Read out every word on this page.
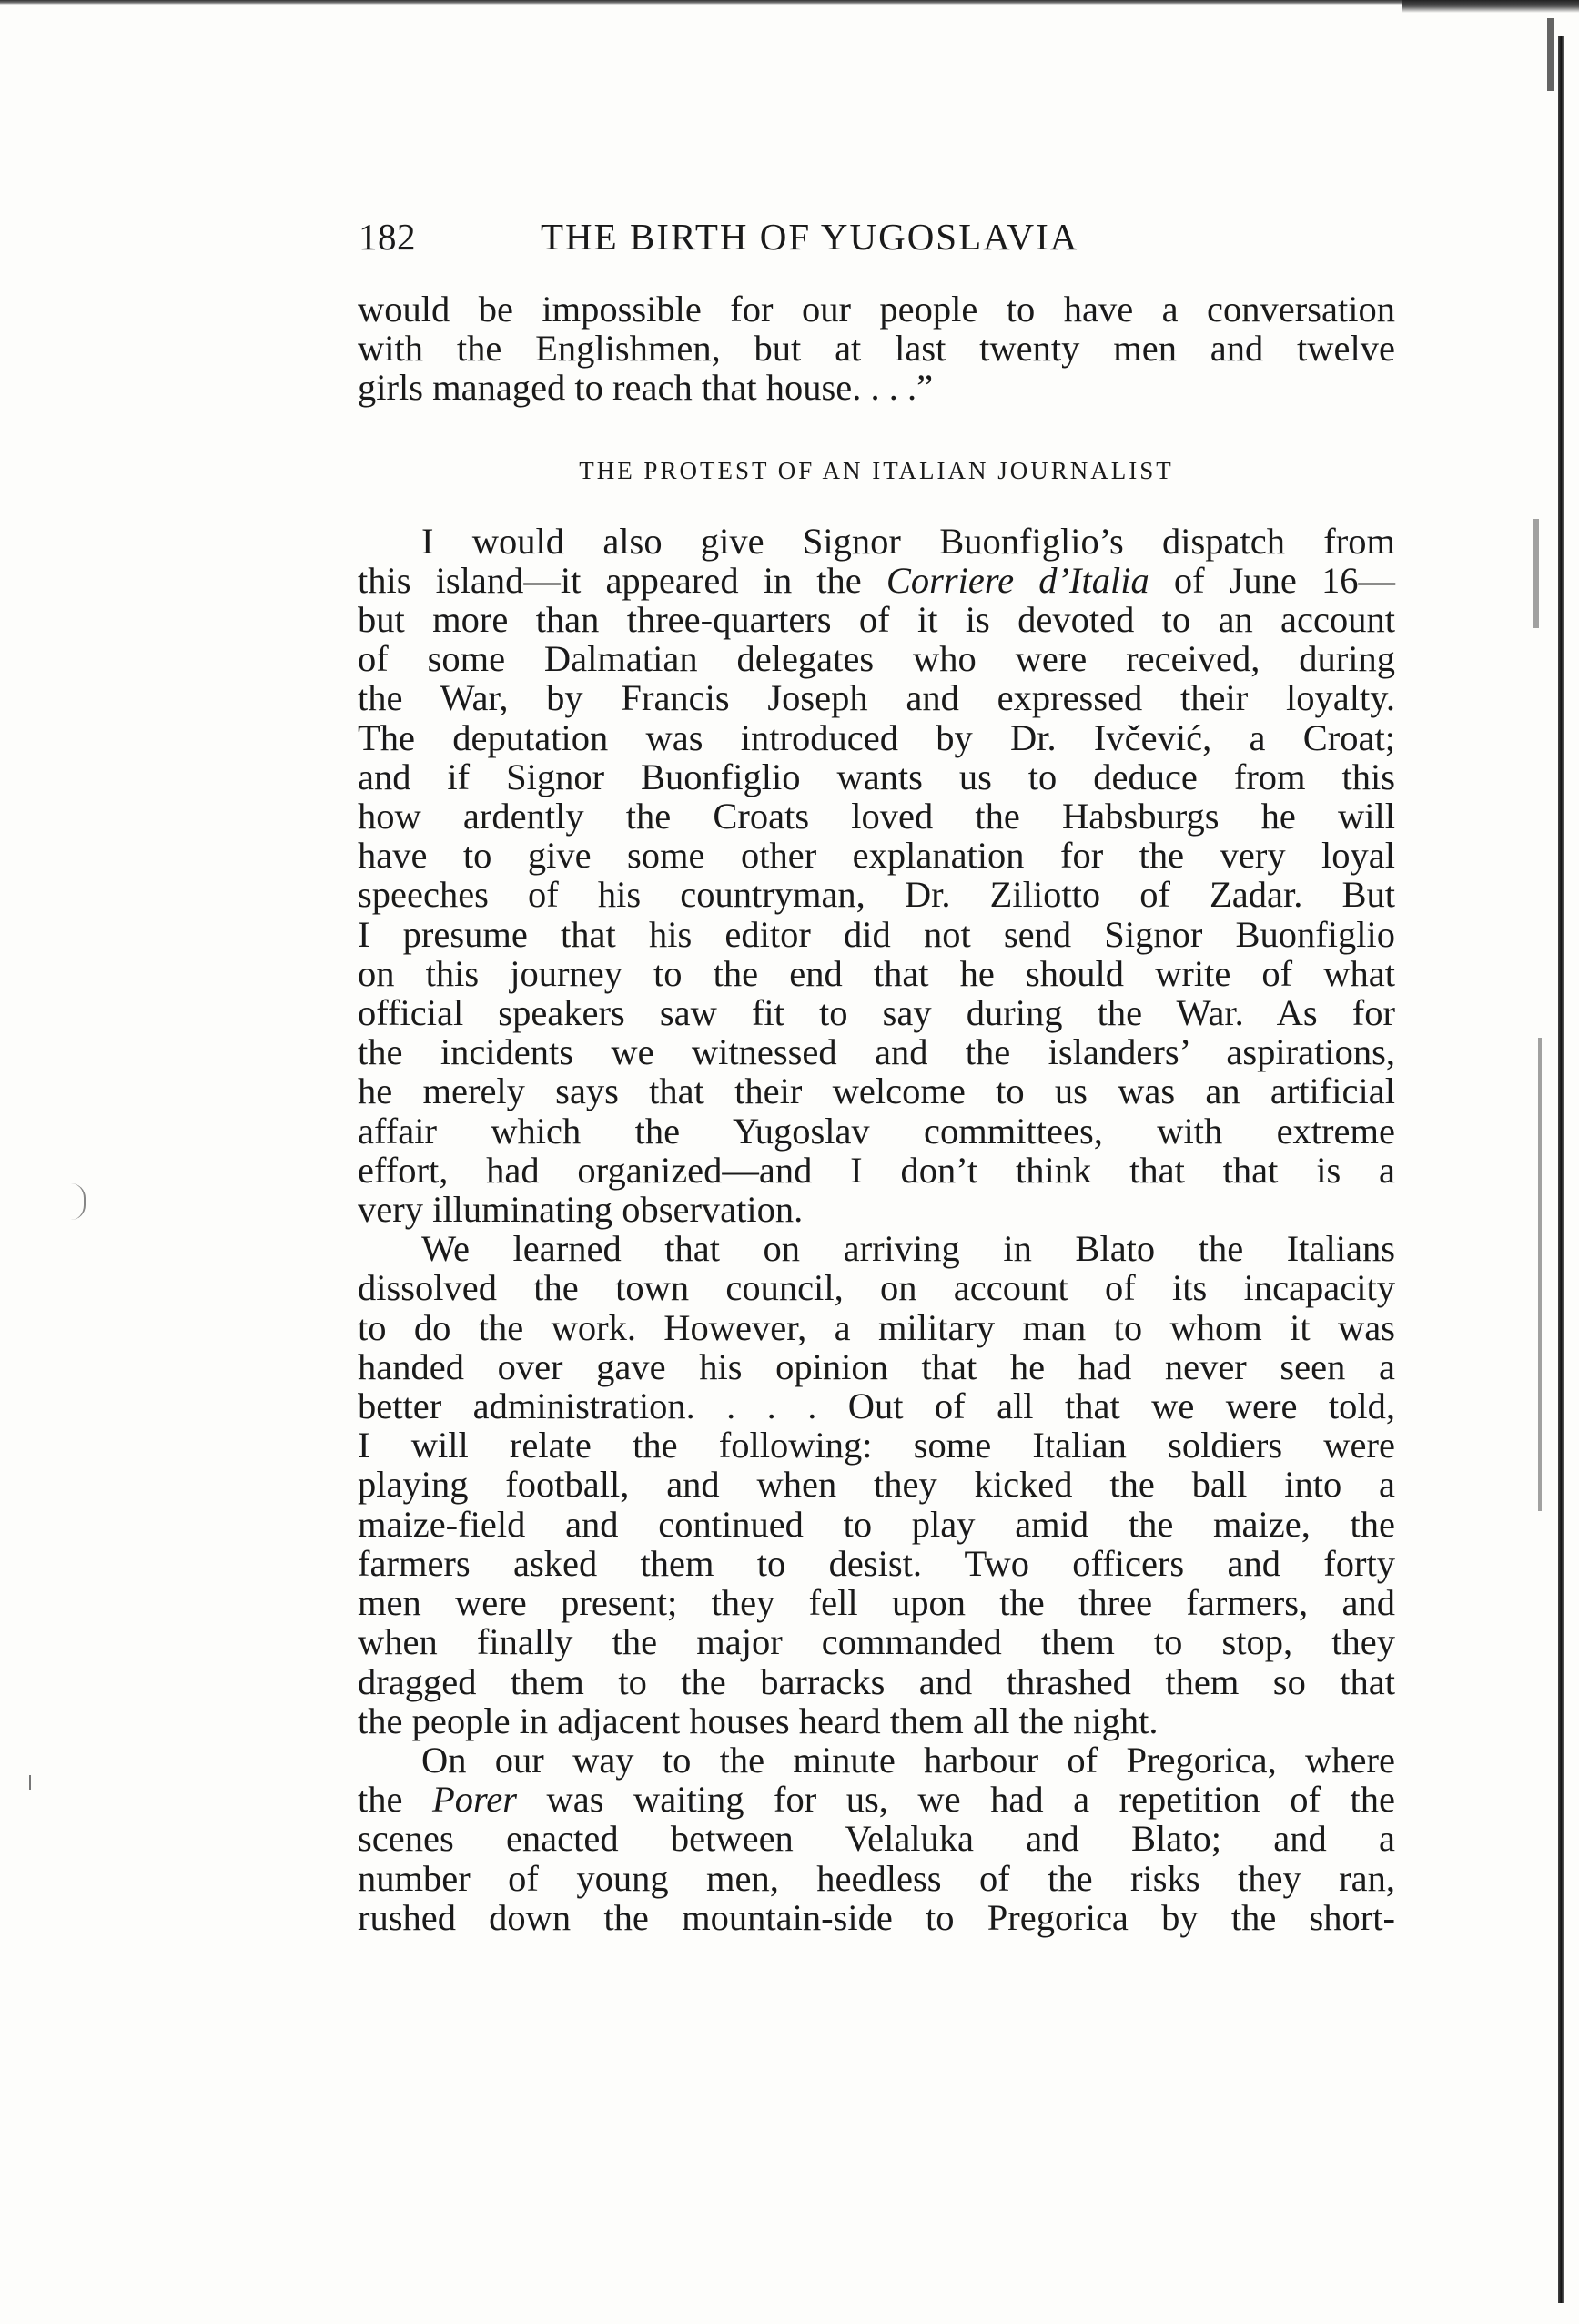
182	THE BIRTH OF YUGOSLAVIA

would be impossible for our people to have a conversation
with the Englishmen, but at last twenty men and twelve
girls managed to reach that house. . . .”

THE PROTEST OF AN ITALIAN JOURNALIST

I would also give Signor Buonfiglio’s dispatch from
this island—it appeared in the Corriere d’Italia of June 16—
but more than three-quarters of it is devoted to an account
of some Dalmatian delegates who were received, during
the War, by Francis Joseph and expressed their loyalty.
The deputation was introduced by Dr. Ivčević, a Croat;
and if Signor Buonfiglio wants us to deduce from this
how ardently the Croats loved the Habsburgs he will
have to give some other explanation for the very loyal
speeches of his countryman, Dr. Ziliotto of Zadar. But
I presume that his editor did not send Signor Buonfiglio
on this journey to the end that he should write of what
official speakers saw fit to say during the War. As for
the incidents we witnessed and the islanders’ aspirations,
he merely says that their welcome to us was an artificial
affair which the Yugoslav committees, with extreme
effort, had organized—and I don’t think that that is a
very illuminating observation.

We learned that on arriving in Blato the Italians
dissolved the town council, on account of its incapacity
to do the work. However, a military man to whom it was
handed over gave his opinion that he had never seen a
better administration. . . . Out of all that we were told,
I will relate the following: some Italian soldiers were
playing football, and when they kicked the ball into a
maize-field and continued to play amid the maize, the
farmers asked them to desist. Two officers and forty
men were present; they fell upon the three farmers, and
when finally the major commanded them to stop, they
dragged them to the barracks and thrashed them so that
the people in adjacent houses heard them all the night.

On our way to the minute harbour of Pregorica, where
the Porer was waiting for us, we had a repetition of the
scenes enacted between Velaluka and Blato; and a
number of young men, heedless of the risks they ran,
rushed down the mountain-side to Pregorica by the short-
